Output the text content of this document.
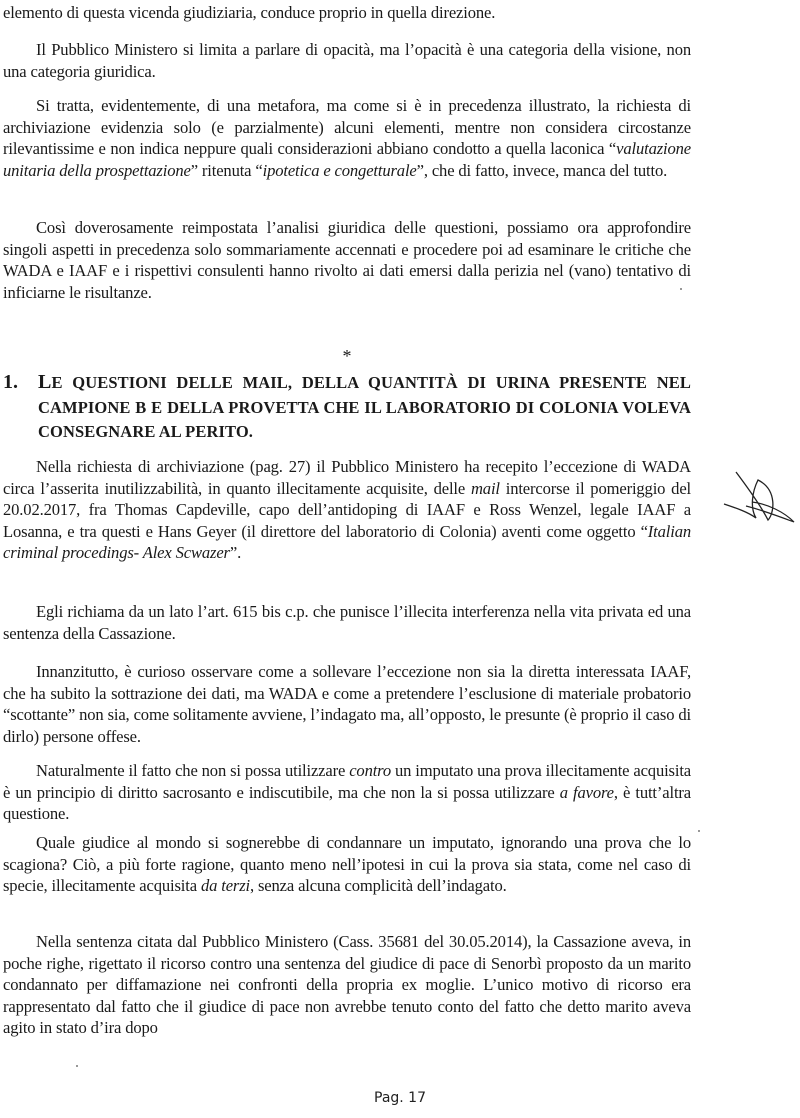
elemento di questa vicenda giudiziaria, conduce proprio in quella direzione.

Il Pubblico Ministero si limita a parlare di opacità, ma l’opacità è una categoria della visione, non una categoria giuridica.

Si tratta, evidentemente, di una metafora, ma come si è in precedenza illustrato, la richiesta di archiviazione evidenzia solo (e parzialmente) alcuni elementi, mentre non considera circostanze rilevantissime e non indica neppure quali considerazioni abbiano condotto a quella laconica “valutazione unitaria della prospettazione” ritenuta “ipotetica e congetturale”, che di fatto, invece, manca del tutto.

Così doverosamente reimpostata l’analisi giuridica delle questioni, possiamo ora approfondire singoli aspetti in precedenza solo sommariamente accennati e procedere poi ad esaminare le critiche che WADA e IAAF e i rispettivi consulenti hanno rivolto ai dati emersi dalla perizia nel (vano) tentativo di inficiarne le risultanze.

*
1.	LE QUESTIONI DELLE MAIL, DELLA QUANTITÀ DI URINA PRESENTE NEL CAMPIONE B E DELLA PROVETTA CHE IL LABORATORIO DI COLONIA VOLEVA CONSEGNARE AL PERITO.

Nella richiesta di archiviazione (pag. 27) il Pubblico Ministero ha recepito l’eccezione di WADA circa l’asserita inutilizzabilità, in quanto illecitamente acquisite, delle mail intercorse il pomeriggio del 20.02.2017, fra Thomas Capdeville, capo dell’antidoping di IAAF e Ross Wenzel, legale IAAF a Losanna, e tra questi e Hans Geyer (il direttore del laboratorio di Colonia) aventi come oggetto “Italian criminal procedings- Alex Scwazer”.

Egli richiama da un lato l’art. 615 bis c.p. che punisce l’illecita interferenza nella vita privata ed una sentenza della Cassazione.

Innanzitutto, è curioso osservare come a sollevare l’eccezione non sia la diretta interessata IAAF, che ha subito la sottrazione dei dati, ma WADA e come a pretendere l’esclusione di materiale probatorio “scottante” non sia, come solitamente avviene, l’indagato ma, all’opposto, le presunte (è proprio il caso di dirlo) persone offese.

Naturalmente il fatto che non si possa utilizzare contro un imputato una prova illecitamente acquisita è un principio di diritto sacrosanto e indiscutibile, ma che non la si possa utilizzare a favore, è tutt’altra questione.

Quale giudice al mondo si sognerebbe di condannare un imputato, ignorando una prova che lo scagiona? Ciò, a più forte ragione, quanto meno nell’ipotesi in cui la prova sia stata, come nel caso di specie, illecitamente acquisita da terzi, senza alcuna complicità dell’indagato.

Nella sentenza citata dal Pubblico Ministero (Cass. 35681 del 30.05.2014), la Cassazione aveva, in poche righe, rigettato il ricorso contro una sentenza del giudice di pace di Senorbì proposto da un marito condannato per diffamazione nei confronti della propria ex moglie. L’unico motivo di ricorso era rappresentato dal fatto che il giudice di pace non avrebbe tenuto conto del fatto che detto marito aveva agito in stato d’ira dopo

Pag. 17
